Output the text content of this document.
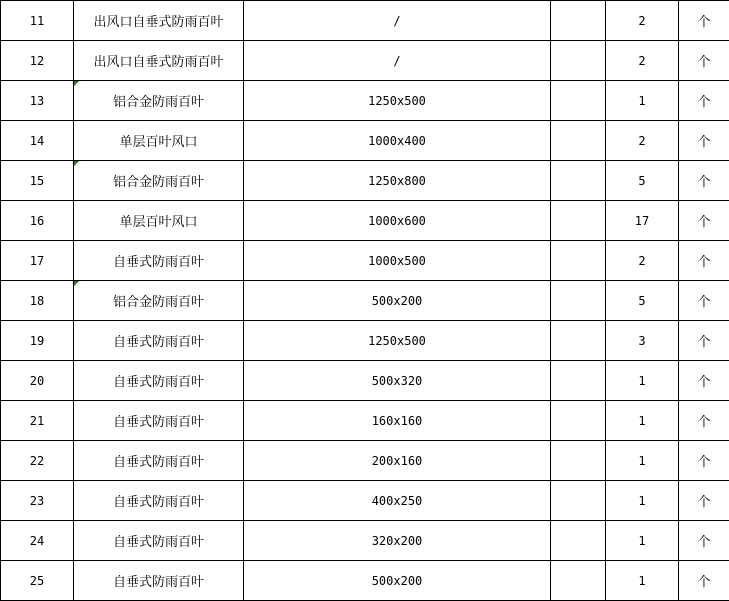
11	出风口自垂式防雨百叶	/		2	个
12	出风口自垂式防雨百叶	/		2	个
13	铝合金防雨百叶	1250x500		1	个
14	单层百叶风口	1000x400		2	个
15	铝合金防雨百叶	1250x800		5	个
16	单层百叶风口	1000x600		17	个
17	自垂式防雨百叶	1000x500		2	个
18	铝合金防雨百叶	500x200		5	个
19	自垂式防雨百叶	1250x500		3	个
20	自垂式防雨百叶	500x320		1	个
21	自垂式防雨百叶	160x160		1	个
22	自垂式防雨百叶	200x160		1	个
23	自垂式防雨百叶	400x250		1	个
24	自垂式防雨百叶	320x200		1	个
25	自垂式防雨百叶	500x200		1	个
